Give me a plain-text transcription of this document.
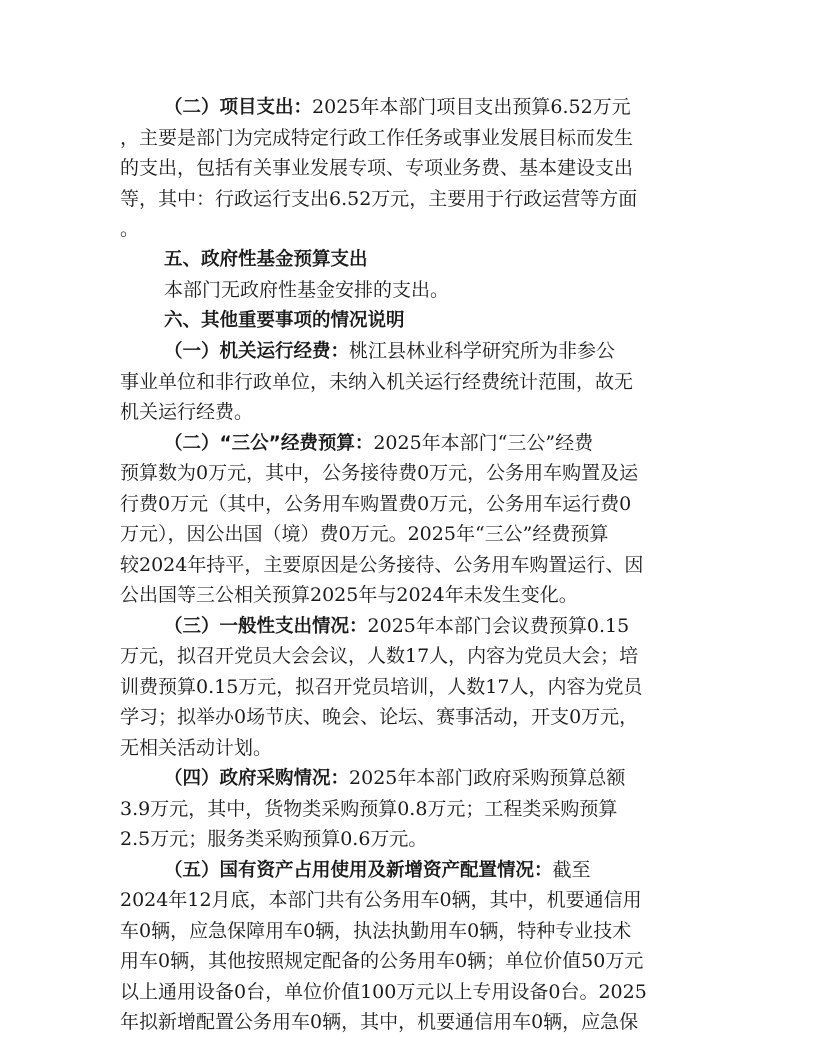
（二）项目支出：2025年本部门项目支出预算6.52万元
，主要是部门为完成特定行政工作任务或事业发展目标而发生
的支出，包括有关事业发展专项、专项业务费、基本建设支出
等，其中：行政运行支出6.52万元，主要用于行政运营等方面
。
五、政府性基金预算支出
本部门无政府性基金安排的支出。
六、其他重要事项的情况说明
（一）机关运行经费：桃江县林业科学研究所为非参公
事业单位和非行政单位，未纳入机关运行经费统计范围，故无
机关运行经费。
（二）“三公”经费预算：2025年本部门“三公”经费
预算数为0万元，其中，公务接待费0万元，公务用车购置及运
行费0万元（其中，公务用车购置费0万元，公务用车运行费0
万元），因公出国（境）费0万元。2025年“三公”经费预算
较2024年持平，主要原因是公务接待、公务用车购置运行、因
公出国等三公相关预算2025年与2024年未发生变化。
（三）一般性支出情况：2025年本部门会议费预算0.15
万元，拟召开党员大会会议，人数17人，内容为党员大会；培
训费预算0.15万元，拟召开党员培训，人数17人，内容为党员
学习；拟举办0场节庆、晚会、论坛、赛事活动，开支0万元，
无相关活动计划。
（四）政府采购情况：2025年本部门政府采购预算总额
3.9万元，其中，货物类采购预算0.8万元；工程类采购预算
2.5万元；服务类采购预算0.6万元。
（五）国有资产占用使用及新增资产配置情况：截至
2024年12月底，本部门共有公务用车0辆，其中，机要通信用
车0辆，应急保障用车0辆，执法执勤用车0辆，特种专业技术
用车0辆，其他按照规定配备的公务用车0辆；单位价值50万元
以上通用设备0台，单位价值100万元以上专用设备0台。2025
年拟新增配置公务用车0辆，其中，机要通信用车0辆，应急保
